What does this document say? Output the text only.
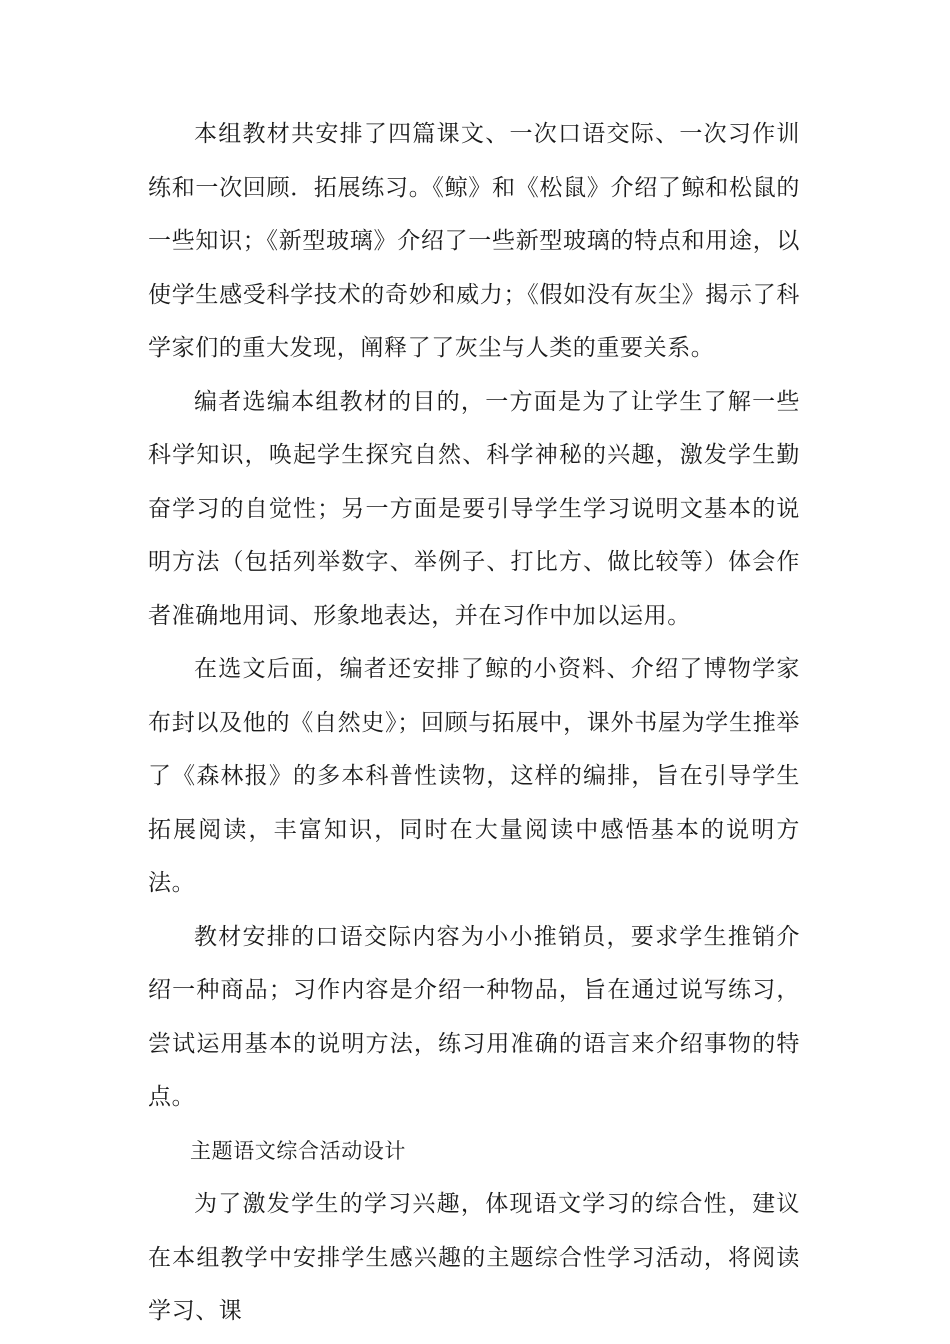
本组教材共安排了四篇课文、一次口语交际、一次习作训练和一次回顾．拓展练习。《鲸》和《松鼠》介绍了鲸和松鼠的一些知识；《新型玻璃》介绍了一些新型玻璃的特点和用途，以使学生感受科学技术的奇妙和威力；《假如没有灰尘》揭示了科学家们的重大发现，阐释了了灰尘与人类的重要关系。

编者选编本组教材的目的，一方面是为了让学生了解一些科学知识，唤起学生探究自然、科学神秘的兴趣，激发学生勤奋学习的自觉性；另一方面是要引导学生学习说明文基本的说明方法（包括列举数字、举例子、打比方、做比较等）体会作者准确地用词、形象地表达，并在习作中加以运用。

在选文后面，编者还安排了鲸的小资料、介绍了博物学家布封以及他的《自然史》；回顾与拓展中，课外书屋为学生推举了《森林报》的多本科普性读物，这样的编排，旨在引导学生拓展阅读，丰富知识，同时在大量阅读中感悟基本的说明方法。

教材安排的口语交际内容为小小推销员，要求学生推销介绍一种商品；习作内容是介绍一种物品，旨在通过说写练习，尝试运用基本的说明方法，练习用准确的语言来介绍事物的特点。

主题语文综合活动设计

为了激发学生的学习兴趣，体现语文学习的综合性，建议在本组教学中安排学生感兴趣的主题综合性学习活动，将阅读学习、课
